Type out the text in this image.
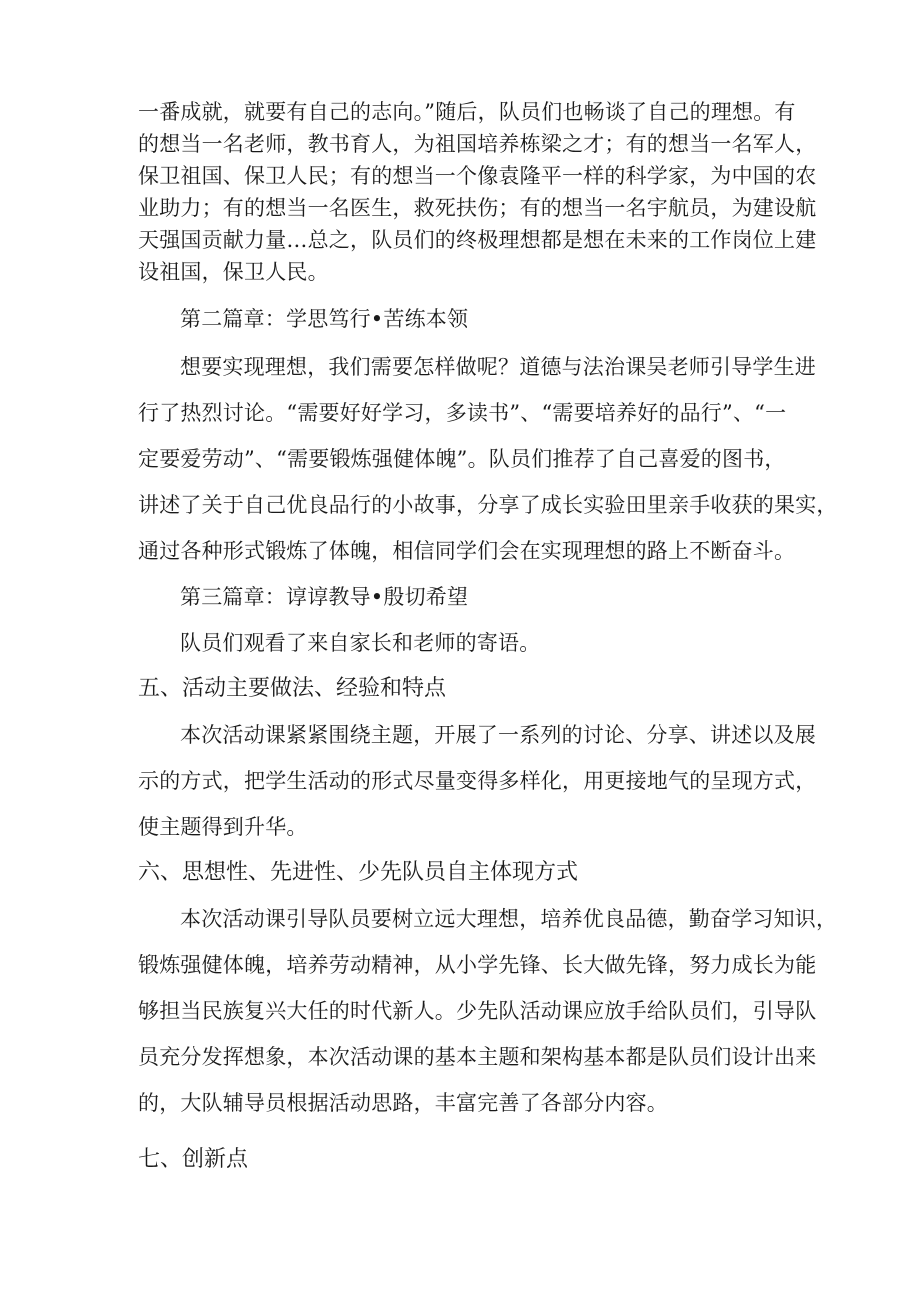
一番成就，就要有自己的志向。”随后，队员们也畅谈了自己的理想。有
的想当一名老师，教书育人，为祖国培养栋梁之才；有的想当一名军人，
保卫祖国、保卫人民；有的想当一个像袁隆平一样的科学家，为中国的农
业助力；有的想当一名医生，救死扶伤；有的想当一名宇航员，为建设航
天强国贡献力量…总之，队员们的终极理想都是想在未来的工作岗位上建
设祖国，保卫人民。
第二篇章：学思笃行•苦练本领
想要实现理想，我们需要怎样做呢？道德与法治课吴老师引导学生进
行了热烈讨论。“需要好好学习，多读书”、“需要培养好的品行”、“一
定要爱劳动”、“需要锻炼强健体魄”。队员们推荐了自己喜爱的图书，
讲述了关于自己优良品行的小故事，分享了成长实验田里亲手收获的果实，
通过各种形式锻炼了体魄，相信同学们会在实现理想的路上不断奋斗。
第三篇章：谆谆教导•殷切希望
队员们观看了来自家长和老师的寄语。
五、活动主要做法、经验和特点
本次活动课紧紧围绕主题，开展了一系列的讨论、分享、讲述以及展
示的方式，把学生活动的形式尽量变得多样化，用更接地气的呈现方式，
使主题得到升华。
六、思想性、先进性、少先队员自主体现方式
本次活动课引导队员要树立远大理想，培养优良品德，勤奋学习知识，
锻炼强健体魄，培养劳动精神，从小学先锋、长大做先锋，努力成长为能
够担当民族复兴大任的时代新人。少先队活动课应放手给队员们，引导队
员充分发挥想象，本次活动课的基本主题和架构基本都是队员们设计出来
的，大队辅导员根据活动思路，丰富完善了各部分内容。
七、创新点
